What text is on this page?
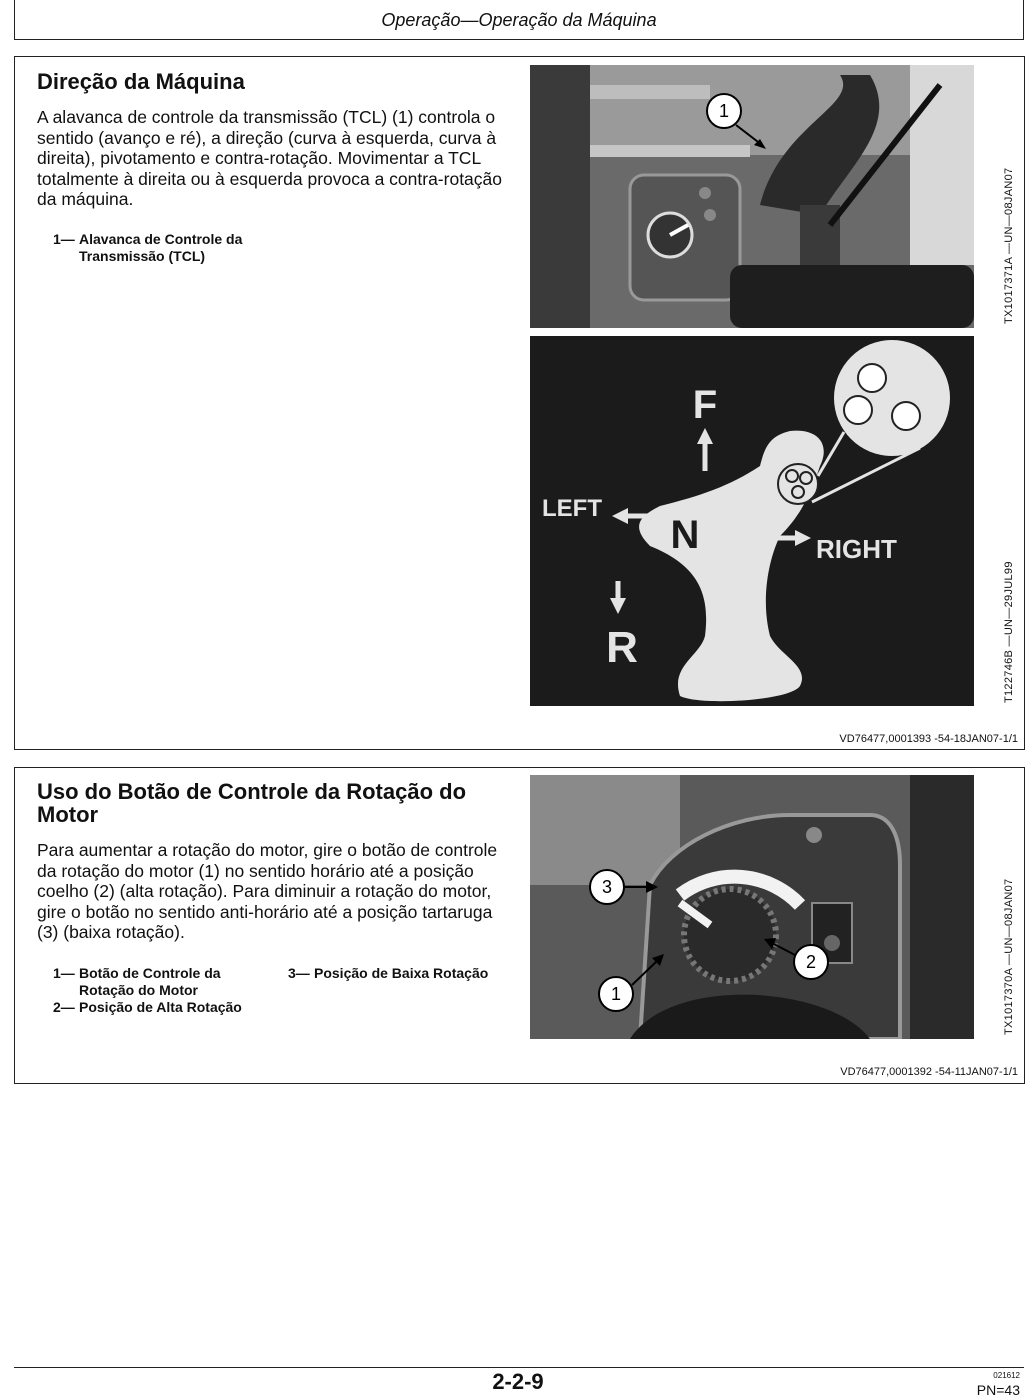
Operação—Operação da Máquina
Direção da Máquina

A alavanca de controle da transmissão (TCL) (1) controla o sentido (avanço e ré), a direção (curva à esquerda, curva à direita), pivotamento e contra-rotação. Movimentar a TCL totalmente à direita ou à esquerda provoca a contra-rotação da máquina.

1— Alavanca de Controle da
Transmissão (TCL)
1
TX1017371A —UN—08JAN07
F
N
R
LEFT
RIGHT
T122746B —UN—29JUL99
VD76477,0001393 -54-18JAN07-1/1
Uso do Botão de Controle da Rotação do
Motor

Para aumentar a rotação do motor, gire o botão de controle da rotação do motor (1) no sentido horário até a posição coelho (2) (alta rotação). Para diminuir a rotação do motor, gire o botão no sentido anti-horário até a posição tartaruga (3) (baixa rotação).

1— Botão de Controle da
Rotação do Motor
2— Posição de Alta Rotação
3— Posição de Baixa Rotação
3
2
1	TX1017370A —UN—08JAN07
VD76477,0001392 -54-11JAN07-1/1
2-2-9	021612
PN=43
